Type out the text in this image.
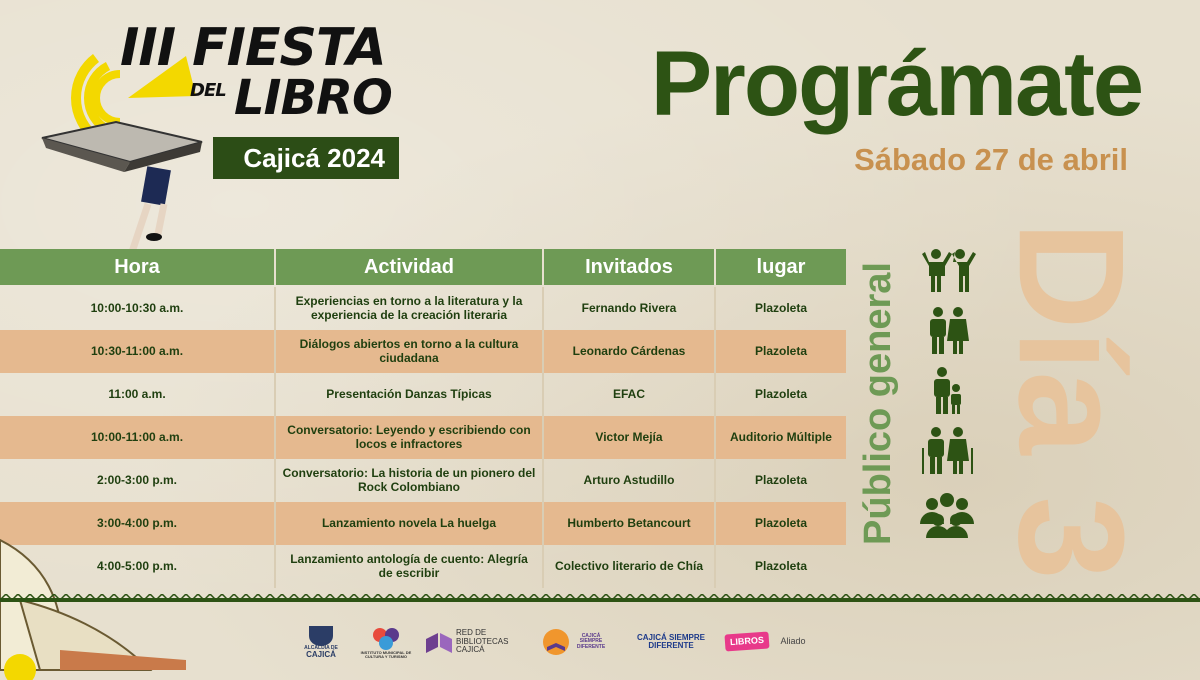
III FIESTA
DEL LIBRO
Cajicá 2024
Prográmate
Sábado 27 de abril
Hora	Actividad	Invitados	lugar
10:00-10:30 a.m.	Experiencias en torno a la literatura y la experiencia de la creación literaria	Fernando Rivera	Plazoleta
10:30-11:00 a.m.	Diálogos abiertos en torno a la cultura ciudadana	Leonardo Cárdenas	Plazoleta
11:00 a.m.	Presentación Danzas Típicas	EFAC	Plazoleta
10:00-11:00 a.m.	Conversatorio: Leyendo y escribiendo con locos e infractores	Victor Mejía	Auditorio Múltiple
2:00-3:00 p.m.	Conversatorio: La historia de un pionero del Rock Colombiano	Arturo Astudillo	Plazoleta
3:00-4:00 p.m.	Lanzamiento novela La huelga	Humberto Betancourt	Plazoleta
4:00-5:00 p.m.	Lanzamiento antología de cuento: Alegría de escribir	Colectivo literario de Chía	Plazoleta
Público general Día 3
ALCALDÍA DE
CAJICÁ	INSTITUTO MUNICIPAL DE CULTURA Y TURISMO
RED DE BIBLIOTECAS CAJICÁ
CAJICÁ SIEMPRE DIFERENTE
CAJICÁ SIEMPRE DIFERENTE	LIBROS	Aliado
